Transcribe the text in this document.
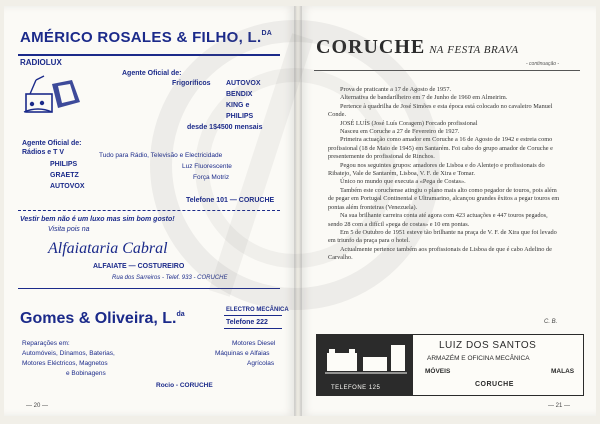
AMÉRICO ROSALES & FILHO, L.$^{DA}$
RADIOLUX
Agente Oficial de:
Frigoríficos AUTOVOX
BENDIX
KING e
PHILIPS
desde 1$4500 mensais
Agente Oficial de:
Rádios e T V
PHILIPS
GRAETZ
AUTOVOX
Tudo para Rádio, Televisão e Electricidade
Luz Fluorescente
Força Motriz
Telefone 101 — CORUCHE
Vestir bem não é um luxo mas sim bom gosto!
Visita pois na
Alfaiataria Cabral
ALFAIATE — COSTUREIRO
Rua dos Sarreiros - Telef. 933 - CORUCHE
Gomes & Oliveira, L.$^{da}$
ELECTRO MECÂNICA
Telefone 222
Reparações em:
Automóveis, Dínamos, Baterias,
Motores Eléctricos, Magnetos
e Bobinagens
Motores Diesel
Máquinas e Alfaias
Agrícolas
Rocio - CORUCHE
— 20 —
CORUCHE NA FESTA BRAVA
- continuação -

Prova de praticante a 17 de Agosto de 1957.

Alternativa de bandarilheiro em 7 de Junho de 1960 em Almeirim.

Pertence à quadrilha de José Simões e esta época está colocado no cavaleiro Manuel Conde.

JOSÉ LUÍS (José Luís Coragem) Forcado profissional

Nasceu em Coruche a 27 de Fevereiro de 1927.

Primeira actuação como amador em Coruche a 16 de Agosto de 1942 e estreia como profissional (18 de Maio de 1945) em Santarém. Foi cabo do grupo amador de Coruche e presentemente do profissional de Rinchos.

Pegou nos seguintes grupos: amadores de Lisboa e do Alentejo e profissionais do Ribatejo, Vale de Santarém, Lisboa, V. F. de Xira e Tomar.

Único no mundo que executa a «Pega de Costas».

Também este coruchense atingiu o plano mais alto como pegador de touros, pois além de pegar em Portugal Continental e Ultramarino, alcançou grandes êxitos a pegar touros em pontas além fronteiras (Venezuela).

Na sua brilhante carreira conta até agora com 423 actuações e 447 touros pegados, sendo 28 com a difícil «pega de costas» e 10 em pontas.

Em 5 de Outubro de 1951 esteve tão brilhante na praça de V. F. de Xira que foi levado em triunfo da praça para o hotel.

Actualmente pertence também aos profissionais de Lisboa de que é cabo Adelino de Carvalho.

C. B.
TELEFONE 125
LUIZ DOS SANTOS
ARMAZÉM E OFICINA MECÂNICA
MÓVEIS	MALAS
CORUCHE
— 21 —
